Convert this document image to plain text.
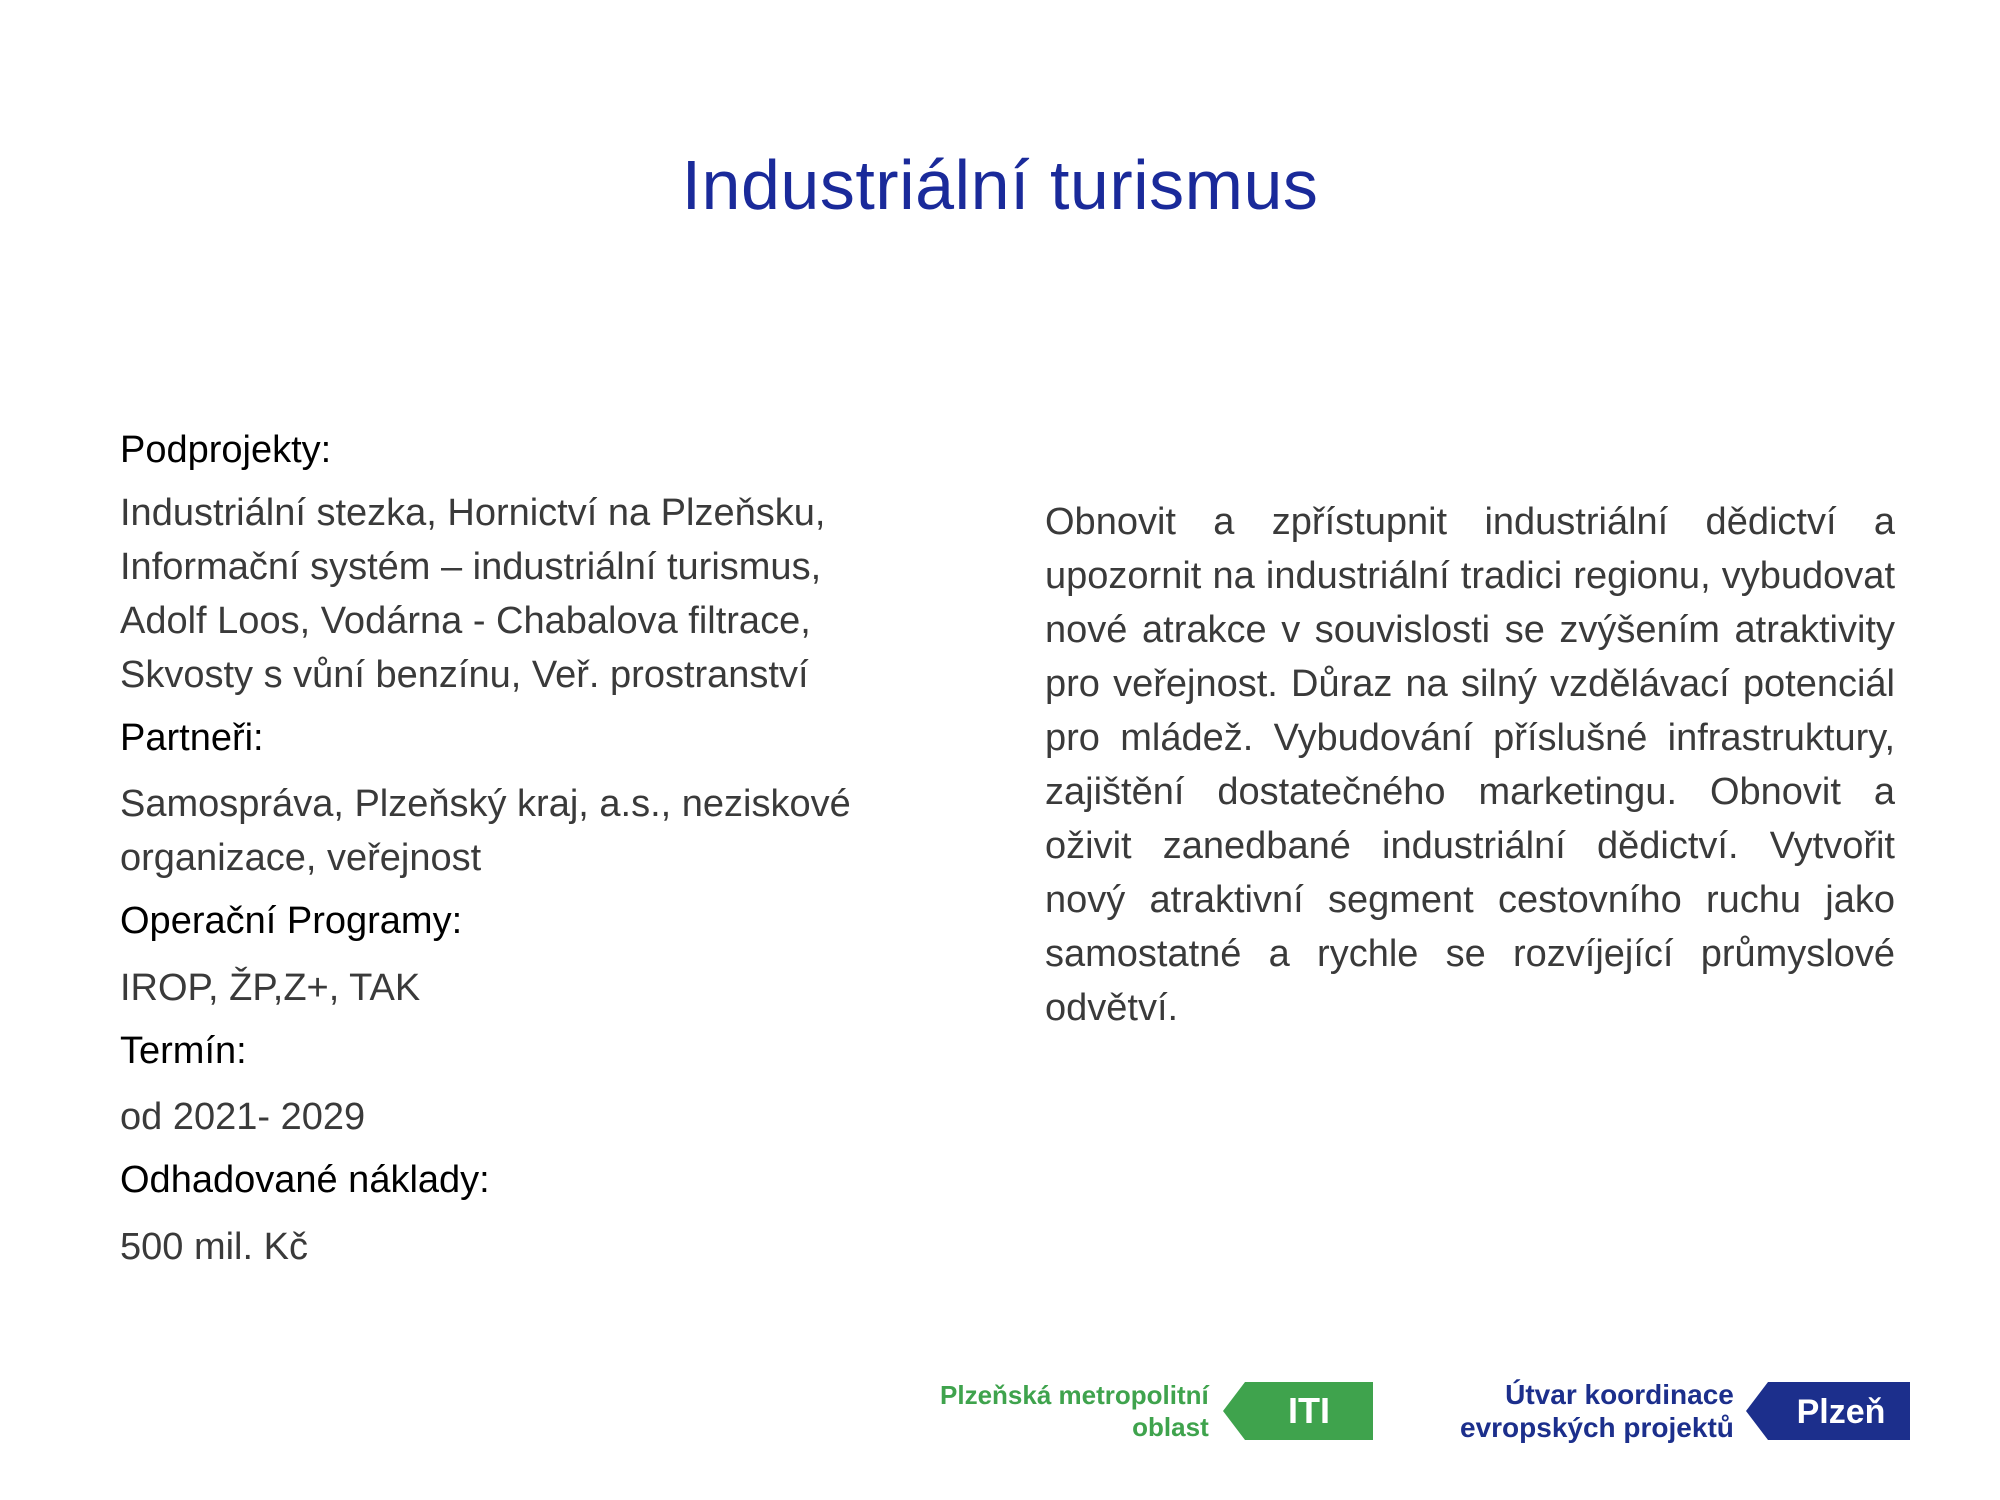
Industriální turismus
Podprojekty:
Industriální stezka, Hornictví na Plzeňsku,
Informační systém – industriální turismus,
Adolf Loos, Vodárna - Chabalova filtrace,
Skvosty s vůní benzínu, Veř. prostranství
Partneři:
Samospráva, Plzeňský kraj, a.s., neziskové
organizace, veřejnost
Operační Programy:
IROP, ŽP,Z+, TAK
Termín:
od 2021- 2029
Odhadované náklady:
500 mil. Kč
Obnovit a zpřístupnit industriální dědictví a upozornit na industriální tradici regionu, vybudovat nové atrakce v souvislosti se zvýšením atraktivity pro veřejnost. Důraz na silný vzdělávací potenciál pro mládež. Vybudování příslušné infrastruktury, zajištění dostatečného marketingu. Obnovit a oživit zanedbané industriální dědictví. Vytvořit nový atraktivní segment cestovního ruchu jako samostatné a rychle se rozvíjející průmyslové odvětví.
Plzeňská metropolitní
oblast ITI	Útvar koordinace
evropských projektů Plzeň
